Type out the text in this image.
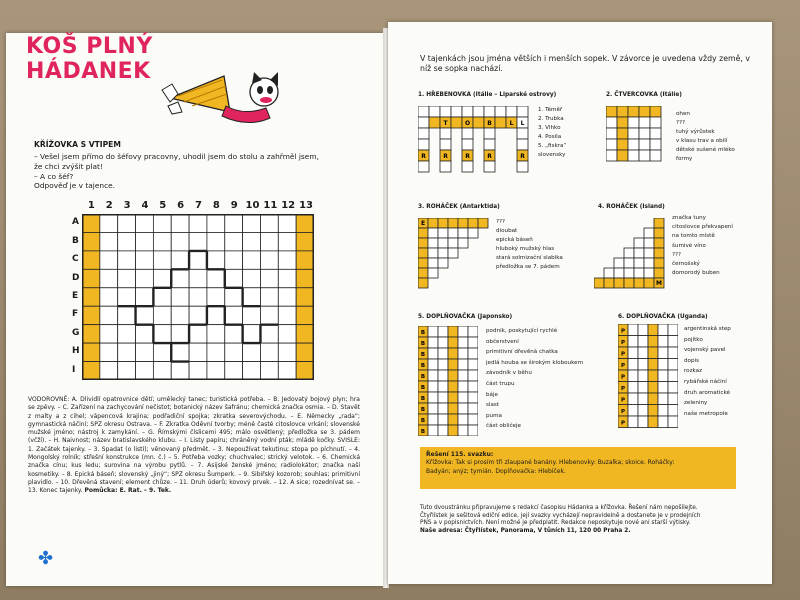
KOŠ PLNÝ
HÁDANEK
KŘÍŽOVKA S VTIPEM
– Vešel jsem přímo do šéfovy pracovny, uhodil jsem do stolu a zahřměl jsem,
že chci zvýšit plat!
– A co šéf?
Odpověď je v tajence.
1 2 3 4 5 6 7 8 9 10 11 12 13
A
B
C
D
E
F
G
H
I
VODOROVNĚ: A. Dlividlí opatrovnice dětí; umělecký tanec; turistická potřeba. – B. Jedovatý bojový plyn; hra se zpěvy. – C. Zařízení na zachycování nečistot; botanický název šafránu; chemická značka osmia. – D. Stavět z malty a z cihel; vápencová krajina; podřadiční spojka; zkratka severovýchodu. – E. Německy „rada“; gymnastická náčiní; SPZ okresu Ostrava. – F. Zkratka Oděvní tvorby; méně časté citoslovce vrkání; slovenské mužské jméno; nástroj k zamykání. – G. Římskými číslicemi 495; málo osvětlený; předložka se 3. pádem (včží). – H. Naivnost; název bratislavského klubu. – I. Listy papíru; chráněný vodní pták; mládě kočky. SVISLE: 1. Začátek tajenky. – 3. Spadat (o listí); věnovaný předmět. – 3. Nepoužívat tekutinu; stopa po píchnutí. – 4. Mongolský rolník; střešní konstrukce (mn. č.) – 5. Potřeba vozky; chuchvalec; strický velotok. – 6. Chemická značka cínu; kus ledu; surovina na výrobu pytlů. – 7. Asijské ženské jméno; radiolokátor; značka naší kosmetiky. – 8. Epická báseň; slovenský „jiný“; SPZ okresu Šumperk. – 9. Sibiřský kozorob; souhlas; primitivní plavidlo. – 10. Dřevěná stavení; element chůze. – 11. Druh úderů; kovový prvek. – 12. A sice; rozednívat se. – 13. Konec tajenky. Pomůcka: E. Rat. – 9. Tek.
✤
V tajenkách jsou jména větších i menších sopek. V závorce je uvedena vždy země, v níž se sopka nachází.
1. HŘEBENOVKA (Itálie – Liparské ostrovy)
T	O	B	L L
R	R	R	R	R
1. Téměř
2. Trubka
3. Vlhko
4. Posila
5. „fiskra“
slovensky
2. ČTVERCOVKA (Itálie)
ohen
???
tuhý výrůstek
v klasu trav a obilí
dětské sušené mléko
formy
3. ROHÁČEK (Antarktida)
E	???
dioubat
epická báseň
hluboký mužský hlas
stará solmizační slabika
předložka se 7. pádem
4. ROHÁČEK (Island)
M
značka tuny
citoslovce překvapení
na tomto místě
šumivé víno
???
černošský
domorodý buben
5. DOPLŇOVAČKA (Japonsko)
B
B
B
B
B
B
B
B
B
B
podnik, poskytující rychlé
občerstvení
primitivní dřevěná chatka
jedlá houba se širokým kloboukem
závodník v běhu
část trupu
báje
slast
puma
část obličeje
6. DOPLŇOVAČKA (Uganda)
P
P
P
P
P
P
P
P
P
argentinská step
pojítko
vojenský pavel
dopis
rozkaz
rybářské náčiní
druh aromatické
zeleniny
naše metropole
Řešení 115. svazku:
Křížovka: Tak si prosím tři zlaupané banány. Hlebenovky: Buzalka; skoice. Roháčky:
Badyán; anýz; tymián. Doplňovačka: Hlebíček.
Tuto dvoustránku připravujeme s redakcí časopisu Hádanka a křížovka. Řešení nám nepošílejte.
Čtyřlístek je sešitová ediční edice, její svazky vycházejí nepravidelně a dostanete je v prodejních
PNS a v popisnictvích. Není možné je předplatit. Redakce neposkytuje nové ani starší výtisky.
Naše adresa: Čtyřlístek, Panorama, V tůních 11, 120 00 Praha 2.
